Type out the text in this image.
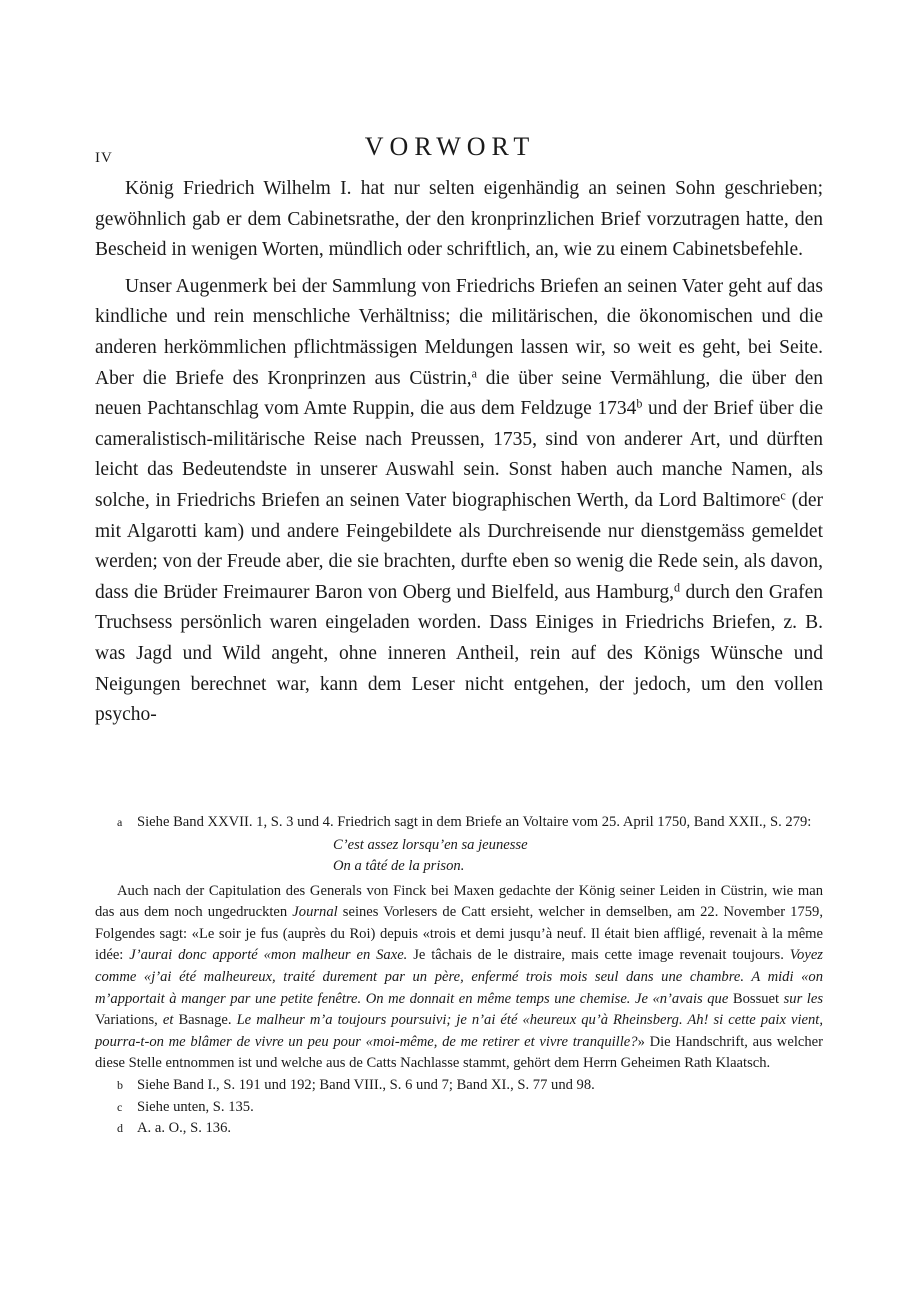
IV	VORWORT

König Friedrich Wilhelm I. hat nur selten eigenhändig an seinen Sohn geschrieben; gewöhnlich gab er dem Cabinetsrathe, der den kronprinzlichen Brief vorzutragen hatte, den Bescheid in wenigen Worten, mündlich oder schriftlich, an, wie zu einem Cabinetsbefehle.

Unser Augenmerk bei der Sammlung von Friedrichs Briefen an seinen Vater geht auf das kindliche und rein menschliche Verhältniss; die militärischen, die ökonomischen und die anderen herkömmlichen pflichtmässigen Meldungen lassen wir, so weit es geht, bei Seite. Aber die Briefe des Kronprinzen aus Cüstrin,$^a$ die über seine Vermählung, die über den neuen Pachtanschlag vom Amte Ruppin, die aus dem Feldzuge 1734$^b$ und der Brief über die cameralistisch-militärische Reise nach Preussen, 1735, sind von anderer Art, und dürften leicht das Bedeutendste in unserer Auswahl sein. Sonst haben auch manche Namen, als solche, in Friedrichs Briefen an seinen Vater biographischen Werth, da Lord Baltimore$^c$ (der mit Algarotti kam) und andere Feingebildete als Durchreisende nur dienstgemäss gemeldet werden; von der Freude aber, die sie brachten, durfte eben so wenig die Rede sein, als davon, dass die Brüder Freimaurer Baron von Oberg und Bielfeld, aus Hamburg,$^d$ durch den Grafen Truchsess persönlich waren eingeladen worden. Dass Einiges in Friedrichs Briefen, z. B. was Jagd und Wild angeht, ohne inneren Antheil, rein auf des Königs Wünsche und Neigungen berechnet war, kann dem Leser nicht entgehen, der jedoch, um den vollen psycho-

a Siehe Band XXVII. 1, S. 3 und 4. Friedrich sagt in dem Briefe an Voltaire vom 25. April 1750, Band XXII., S. 279:

C’est assez lorsqu’en sa jeunesse

On a tâté de la prison.

Auch nach der Capitulation des Generals von Finck bei Maxen gedachte der König seiner Leiden in Cüstrin, wie man das aus dem noch ungedruckten Journal seines Vorlesers de Catt ersieht, welcher in demselben, am 22. November 1759, Folgendes sagt: «Le soir je fus (auprès du Roi) depuis «trois et demi jusqu’à neuf. Il était bien affligé, revenait à la même idée: J’aurai donc apporté «mon malheur en Saxe. Je tâchais de le distraire, mais cette image revenait toujours. Voyez comme «j’ai été malheureux, traité durement par un père, enfermé trois mois seul dans une chambre. A midi «on m’apportait à manger par une petite fenêtre. On me donnait en même temps une chemise. Je «n’avais que Bossuet sur les Variations, et Basnage. Le malheur m’a toujours poursuivi; je n’ai été «heureux qu’à Rheinsberg. Ah! si cette paix vient, pourra-t-on me blâmer de vivre un peu pour «moi-même, de me retirer et vivre tranquille?» Die Handschrift, aus welcher diese Stelle entnommen ist und welche aus de Catts Nachlasse stammt, gehört dem Herrn Geheimen Rath Klaatsch.

b Siehe Band I., S. 191 und 192; Band VIII., S. 6 und 7; Band XI., S. 77 und 98.

c Siehe unten, S. 135.

d A. a. O., S. 136.
